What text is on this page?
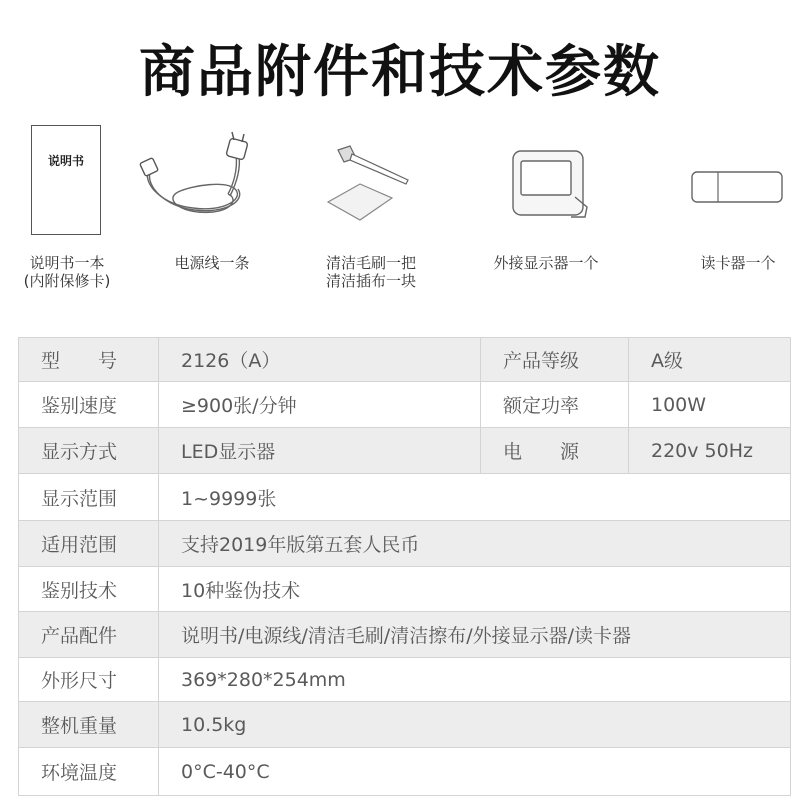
商品附件和技术参数
说明书
说明书一本
(内附保修卡)
电源线一条	清洁毛刷一把
清洁插布一块
外接显示器一个	读卡器一个
型　　号	2126（A）	产品等级	A级
鉴别速度	≥900张/分钟	额定功率	100W
显示方式	LED显示器	电　　源	220v 50Hz
显示范围	1~9999张		
适用范围	支持2019年版第五套人民币		
鉴别技术	10种鉴伪技术		
产品配件	说明书/电源线/清洁毛刷/清洁擦布/外接显示器/读卡器		
外形尺寸	369*280*254mm		
整机重量	10.5kg		
环境温度	0°C-40°C		
